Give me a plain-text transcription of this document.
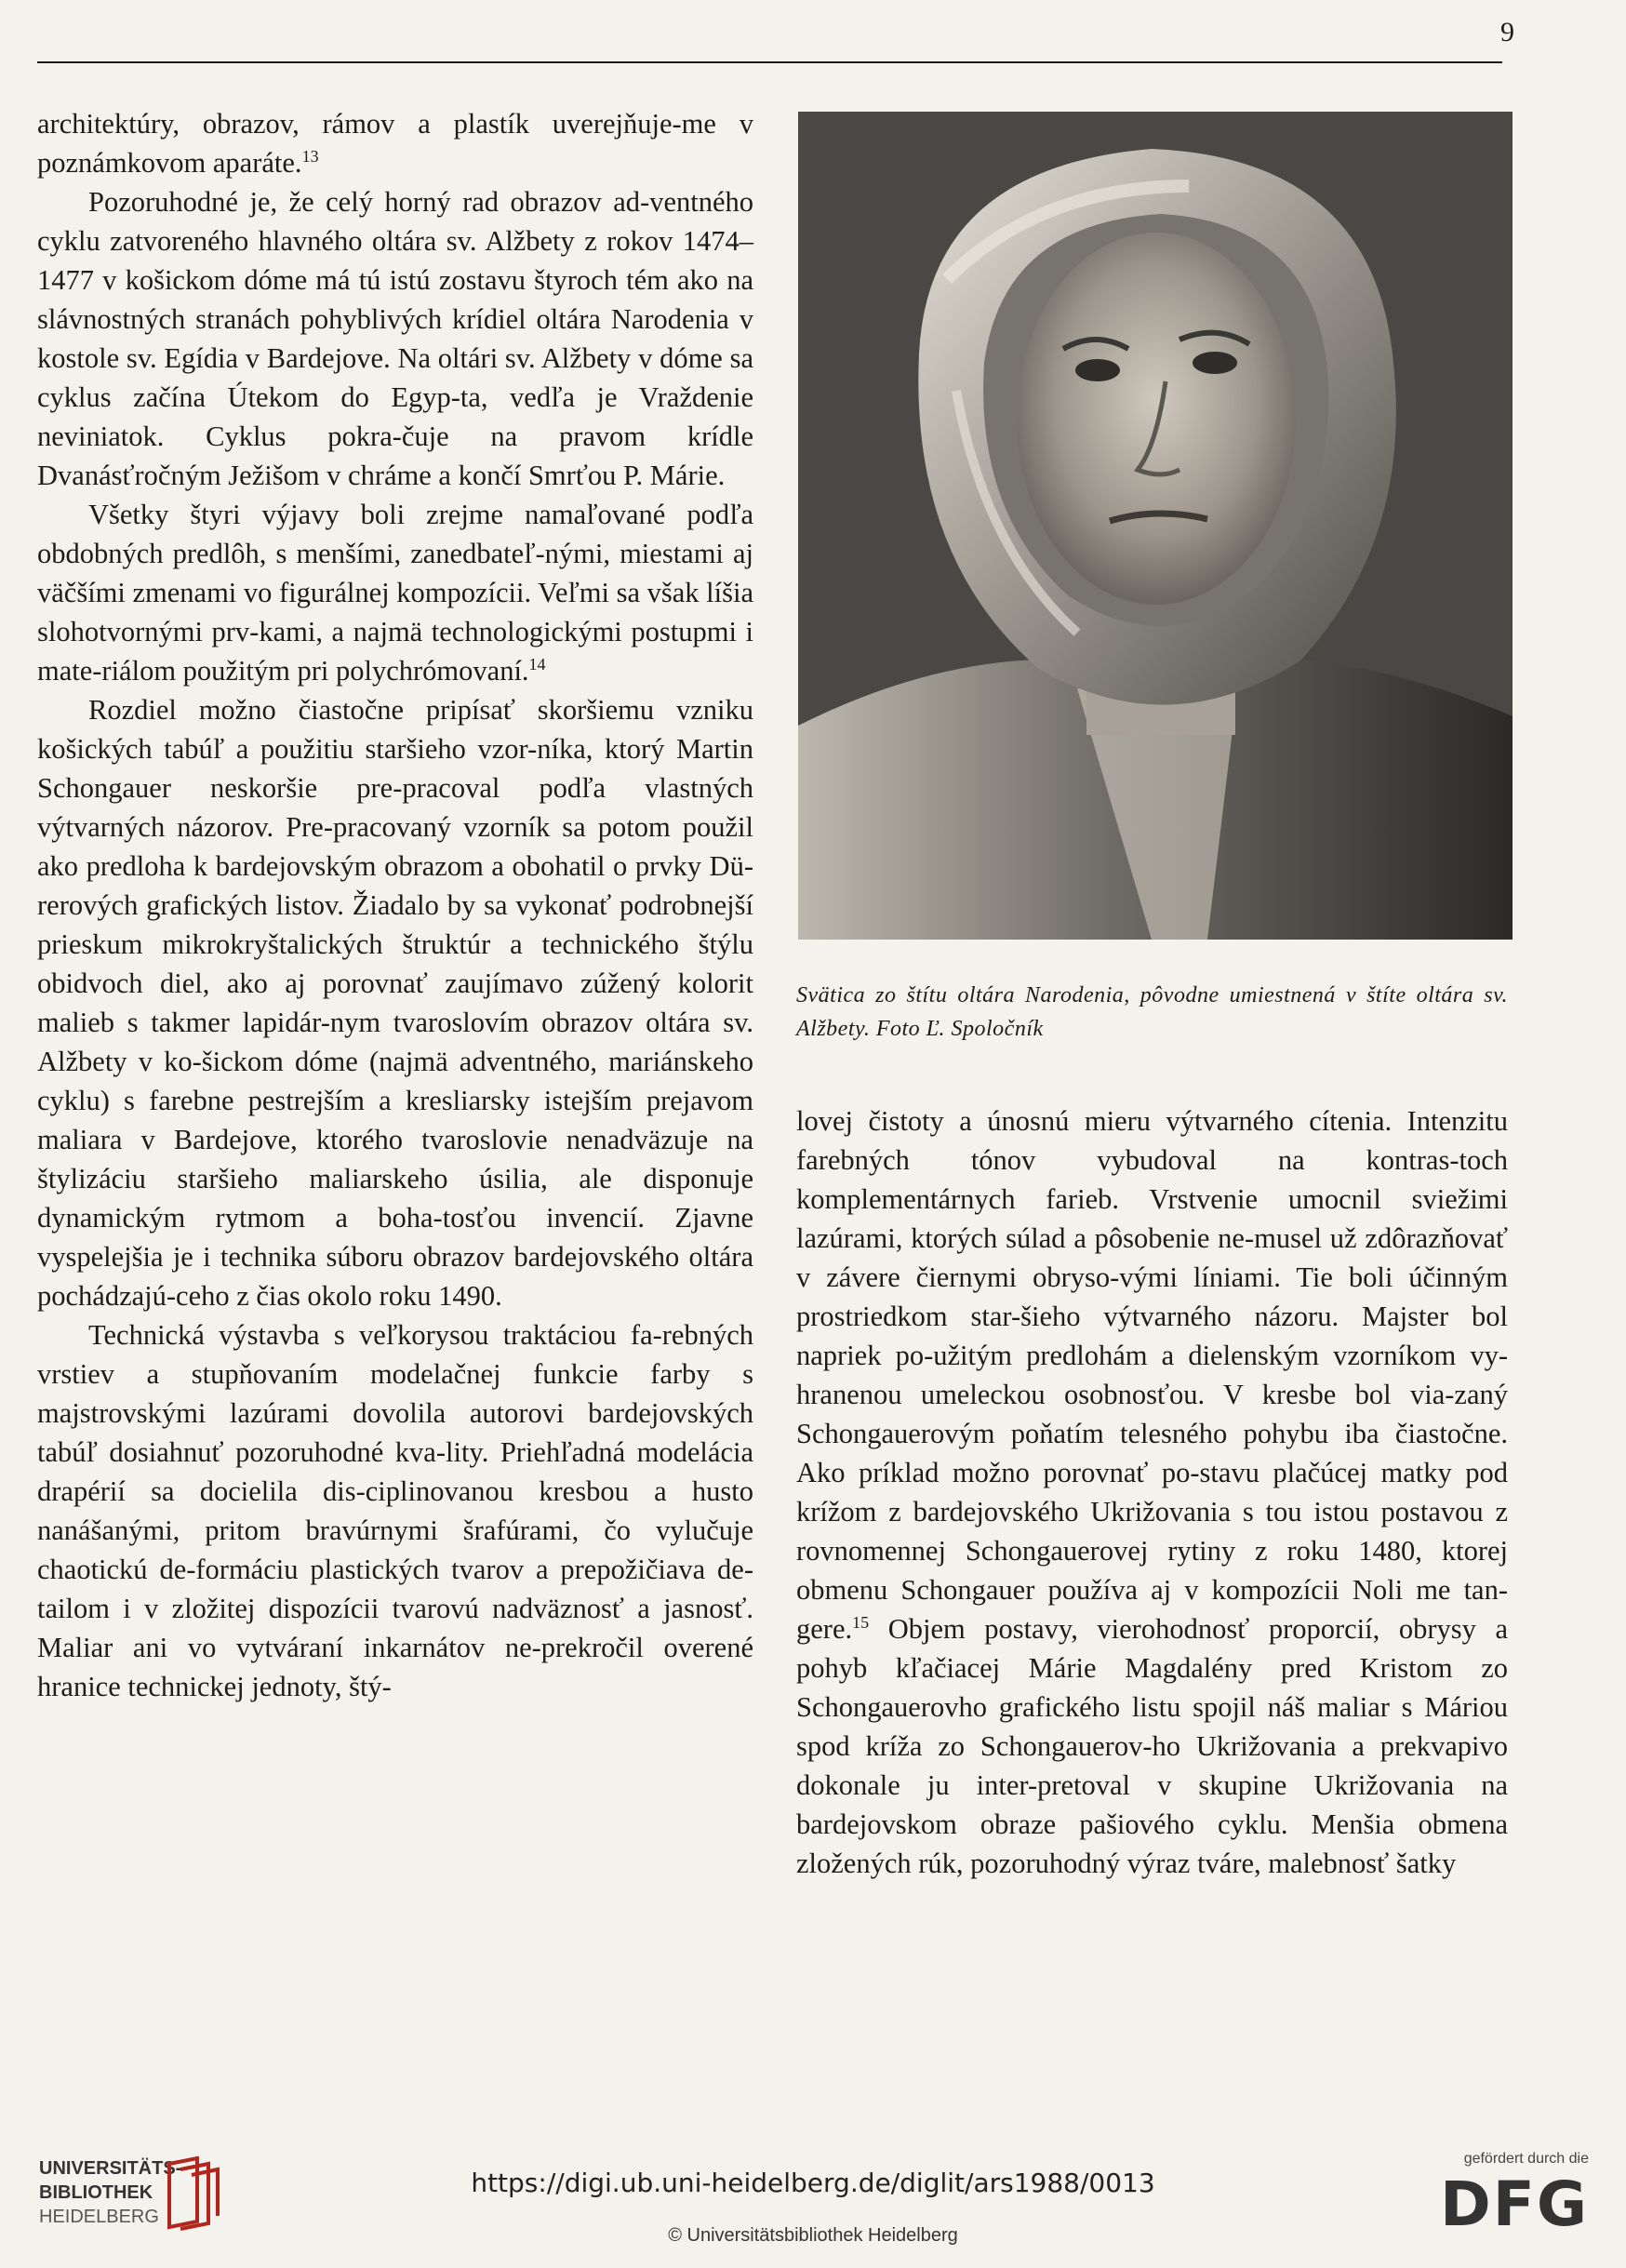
9

architektúry, obrazov, rámov a plastík uverejňuje-me v poznámkovom aparáte.$^{13}$

Pozoruhodné je, že celý horný rad obrazov ad-ventného cyklu zatvoreného hlavného oltára sv. Alžbety z rokov 1474–1477 v košickom dóme má tú istú zostavu štyroch tém ako na slávnostných stranách pohyblivých krídiel oltára Narodenia v kostole sv. Egídia v Bardejove. Na oltári sv. Alžbety v dóme sa cyklus začína Útekom do Egyp-ta, vedľa je Vraždenie neviniatok. Cyklus pokra-čuje na pravom krídle Dvanásťročným Ježišom v chráme a končí Smrťou P. Márie.

Všetky štyri výjavy boli zrejme namaľované podľa obdobných predlôh, s menšími, zanedbateľ-nými, miestami aj väčšími zmenami vo figurálnej kompozícii. Veľmi sa však líšia slohotvornými prv-kami, a najmä technologickými postupmi i mate-riálom použitým pri polychrómovaní.$^{14}$

Rozdiel možno čiastočne pripísať skoršiemu vzniku košických tabúľ a použitiu staršieho vzor-níka, ktorý Martin Schongauer neskoršie pre-pracoval podľa vlastných výtvarných názorov. Pre-pracovaný vzorník sa potom použil ako predloha k bardejovským obrazom a obohatil o prvky Dü-rerových grafických listov. Žiadalo by sa vykonať podrobnejší prieskum mikrokryštalických štruktúr a technického štýlu obidvoch diel, ako aj porovnať zaujímavo zúžený kolorit malieb s takmer lapidár-nym tvaroslovím obrazov oltára sv. Alžbety v ko-šickom dóme (najmä adventného, mariánskeho cyklu) s farebne pestrejším a kresliarsky istejším prejavom maliara v Bardejove, ktorého tvaroslovie nenadväzuje na štylizáciu staršieho maliarskeho úsilia, ale disponuje dynamickým rytmom a boha-tosťou invencií. Zjavne vyspelejšia je i technika súboru obrazov bardejovského oltára pochádzajú-ceho z čias okolo roku 1490.

Technická výstavba s veľkorysou traktáciou fa-rebných vrstiev a stupňovaním modelačnej funkcie farby s majstrovskými lazúrami dovolila autorovi bardejovských tabúľ dosiahnuť pozoruhodné kva-lity. Priehľadná modelácia drapérií sa docielila dis-ciplinovanou kresbou a husto nanášanými, pritom bravúrnymi šrafúrami, čo vylučuje chaotickú de-formáciu plastických tvarov a prepožičiava de-tailom i v zložitej dispozícii tvarovú nadväznosť a jasnosť. Maliar ani vo vytváraní inkarnátov ne-prekročil overené hranice technickej jednoty, štý-

Svätica zo štítu oltára Narodenia, pôvodne umiestnená v štíte oltára sv. Alžbety. Foto Ľ. Spoločník

lovej čistoty a únosnú mieru výtvarného cítenia. Intenzitu farebných tónov vybudoval na kontras-toch komplementárnych farieb. Vrstvenie umocnil sviežimi lazúrami, ktorých súlad a pôsobenie ne-musel už zdôrazňovať v závere čiernymi obryso-vými líniami. Tie boli účinným prostriedkom star-šieho výtvarného názoru. Majster bol napriek po-užitým predlohám a dielenským vzorníkom vy-hranenou umeleckou osobnosťou. V kresbe bol via-zaný Schongauerovým poňatím telesného pohybu iba čiastočne. Ako príklad možno porovnať po-stavu plačúcej matky pod krížom z bardejovského Ukrižovania s tou istou postavou z rovnomennej Schongauerovej rytiny z roku 1480, ktorej obmenu Schongauer používa aj v kompozícii Noli me tan-gere.$^{15}$ Objem postavy, vierohodnosť proporcií, obrysy a pohyb kľačiacej Márie Magdalény pred Kristom zo Schongauerovho grafického listu spojil náš maliar s Máriou spod kríža zo Schongauerov-ho Ukrižovania a prekvapivo dokonale ju inter-pretoval v skupine Ukrižovania na bardejovskom obraze pašiového cyklu. Menšia obmena zložených rúk, pozoruhodný výraz tváre, malebnosť šatky

UNIVERSITÄTS-
BIBLIOTHEK
HEIDELBERG
https://digi.ub.uni-heidelberg.de/diglit/ars1988/0013
© Universitätsbibliothek Heidelberg
gefördert durch die
DFG
